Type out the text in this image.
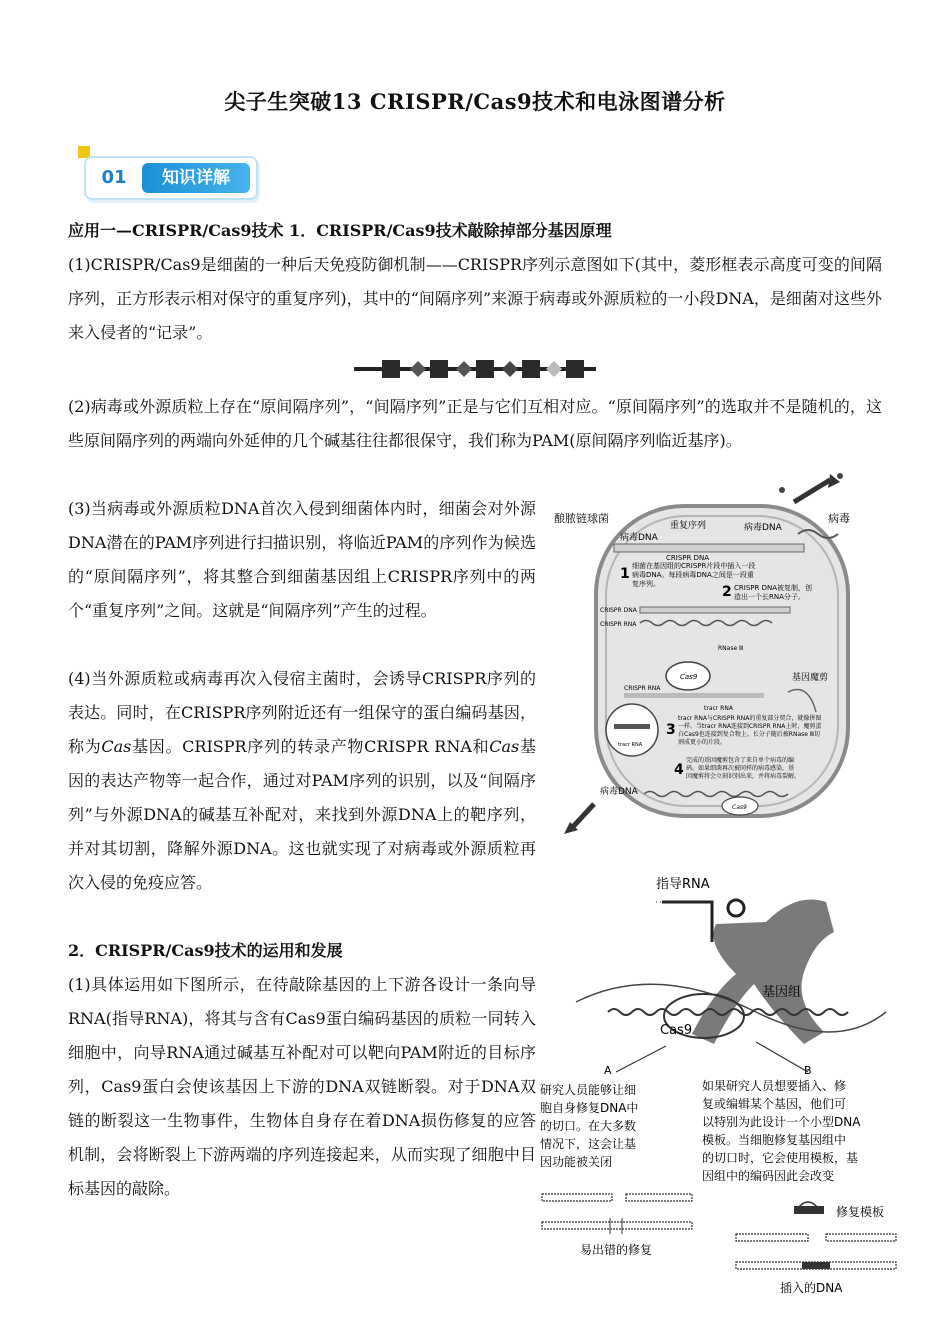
尖子生突破13 CRISPR/Cas9技术和电泳图谱分析
01	知识详解

应用一—CRISPR/Cas9技术 1．CRISPR/Cas9技术敲除掉部分基因原理

(1)CRISPR/Cas9是细菌的一种后天免疫防御机制——CRISPR序列示意图如下(其中，菱形框表示高度可变的间隔序列，正方形表示相对保守的重复序列)，其中的“间隔序列”来源于病毒或外源质粒的一小段DNA，是细菌对这些外来入侵者的“记录”。

(2)病毒或外源质粒上存在“原间隔序列”，“间隔序列”正是与它们互相对应。“原间隔序列”的选取并不是随机的，这些原间隔序列的两端向外延伸的几个碱基往往都很保守，我们称为PAM(原间隔序列临近基序)。

(3)当病毒或外源质粒DNA首次入侵到细菌体内时，细菌会对外源DNA潜在的PAM序列进行扫描识别，将临近PAM的序列作为候选的“原间隔序列”，将其整合到细菌基因组上CRISPR序列中的两个“重复序列”之间。这就是“间隔序列”产生的过程。

(4)当外源质粒或病毒再次入侵宿主菌时，会诱导CRISPR序列的表达。同时，在CRISPR序列附近还有一组保守的蛋白编码基因，称为Cas基因。CRISPR序列的转录产物CRISPR RNA和Cas基因的表达产物等一起合作，通过对PAM序列的识别，以及“间隔序列”与外源DNA的碱基互补配对，来找到外源DNA上的靶序列，并对其切割，降解外源DNA。这也就实现了对病毒或外源质粒再次入侵的免疫应答。

2．CRISPR/Cas9技术的运用和发展

(1)具体运用如下图所示，在待敲除基因的上下游各设计一条向导RNA(指导RNA)，将其与含有Cas9蛋白编码基因的质粒一同转入细胞中，向导RNA通过碱基互补配对可以靶向PAM附近的目标序列，Cas9蛋白会使该基因上下游的DNA双链断裂。对于DNA双链的断裂这一生物事件，生物体自身存在着DNA损伤修复的应答机制，会将断裂上下游两端的序列连接起来，从而实现了细胞中目标基因的敲除。

酿脓链球菌	病毒
病毒DNA
病毒DNA
重复序列
CRISPR DNA
1 细菌在基因组的CRISPR片段中插入一段
病毒DNA。每段病毒DNA之间是一段重
复序列。
CRISPR DNA
CRISPR RNA
2 CRISPR DNA被复制，创
造出一个长RNA分子。
RNase Ⅲ
Cas9	基因魔剪
CRISPR RNA
tracr RNA
tracr RNA
3
tracr RNA与CRISPR RNA的重复部分契合，就像拼图
一样。当tracr RNA连接到CRISPR RNA上时，魔剪蛋
白Cas9也连接到复合物上。长分子随后被RNase Ⅲ切
割成更小的片段。
4
完成的基因魔剪包含了来自单个病毒的编
码。如果细菌再次被同样的病毒感染，基
因魔剪将会立刻识别出来，并将病毒裂解。
病毒DNA
Cas9
指导RNA
基因组
Cas9
A	B
研究人员能够让细
胞自身修复DNA中
的切口。在大多数
情况下，这会让基
因功能被关闭
如果研究人员想要插入、修
复或编辑某个基因，他们可
以特别为此设计一个小型DNA
模板。当细胞修复基因组中
的切口时，它会使用模板，基
因组中的编码因此会改变
易出错的修复
修复模板
插入的DNA
